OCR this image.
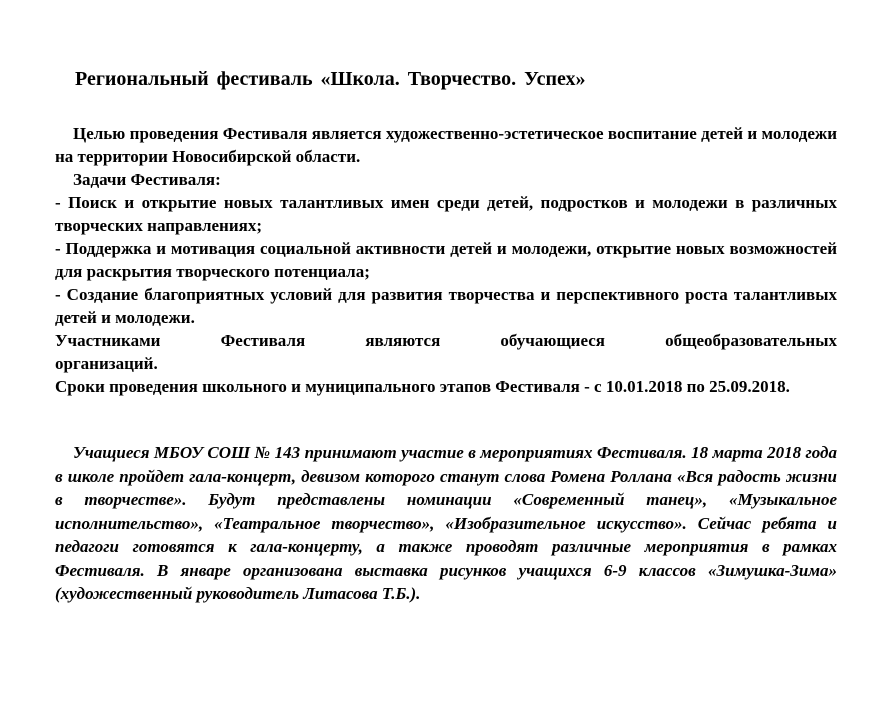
Региональный фестиваль «Школа. Творчество. Успех»

Целью проведения Фестиваля является художественно-эстетическое воспитание детей и молодежи на территории Новосибирской области.

Задачи Фестиваля:

- Поиск и открытие новых талантливых имен среди детей, подростков и молодежи в различных творческих направлениях;

- Поддержка и мотивация социальной активности детей и молодежи, открытие новых возможностей для раскрытия творческого потенциала;

- Создание благоприятных условий для развития творчества и перспективного роста талантливых детей и молодежи.

Участниками Фестиваля являются обучающиеся общеобразовательных

организаций.

Сроки проведения школьного и муниципального этапов Фестиваля - с 10.01.2018 по 25.09.2018.

Учащиеся МБОУ СОШ № 143 принимают участие в мероприятиях Фестиваля. 18 марта 2018 года в школе пройдет гала-концерт, девизом которого станут слова Ромена Роллана «Вся радость жизни в творчестве». Будут представлены номинации «Современный танец», «Музыкальное исполнительство», «Театральное творчество», «Изобразительное искусство». Сейчас ребята и педагоги готовятся к гала-концерту, а также проводят различные мероприятия в рамках Фестиваля. В январе организована выставка рисунков учащихся 6-9 классов «Зимушка-Зима» (художественный руководитель Литасова Т.Б.).
